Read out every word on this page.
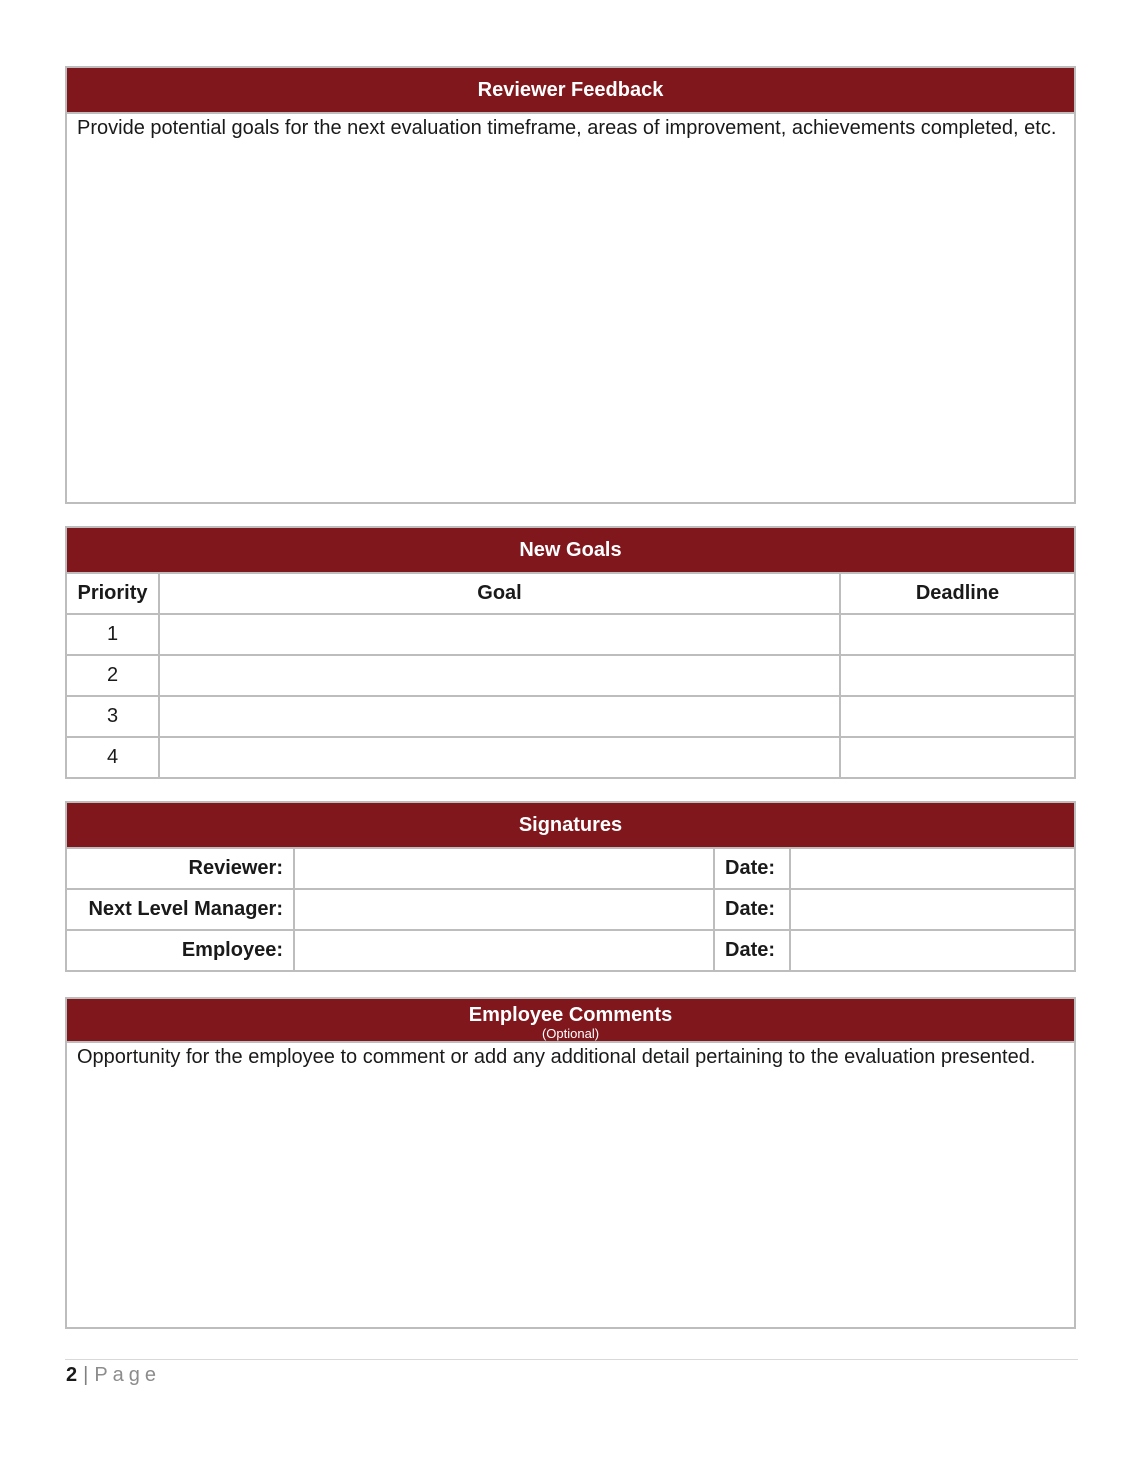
Reviewer Feedback
Provide potential goals for the next evaluation timeframe, areas of improvement, achievements completed, etc.
New Goals
Priority	Goal	Deadline
1		
2		
3		
4		
Signatures
Reviewer:		Date:	
Next Level Manager:		Date:	
Employee:		Date:	
Employee Comments
(Optional)
Opportunity for the employee to comment or add any additional detail pertaining to the evaluation presented.
2 | Page
